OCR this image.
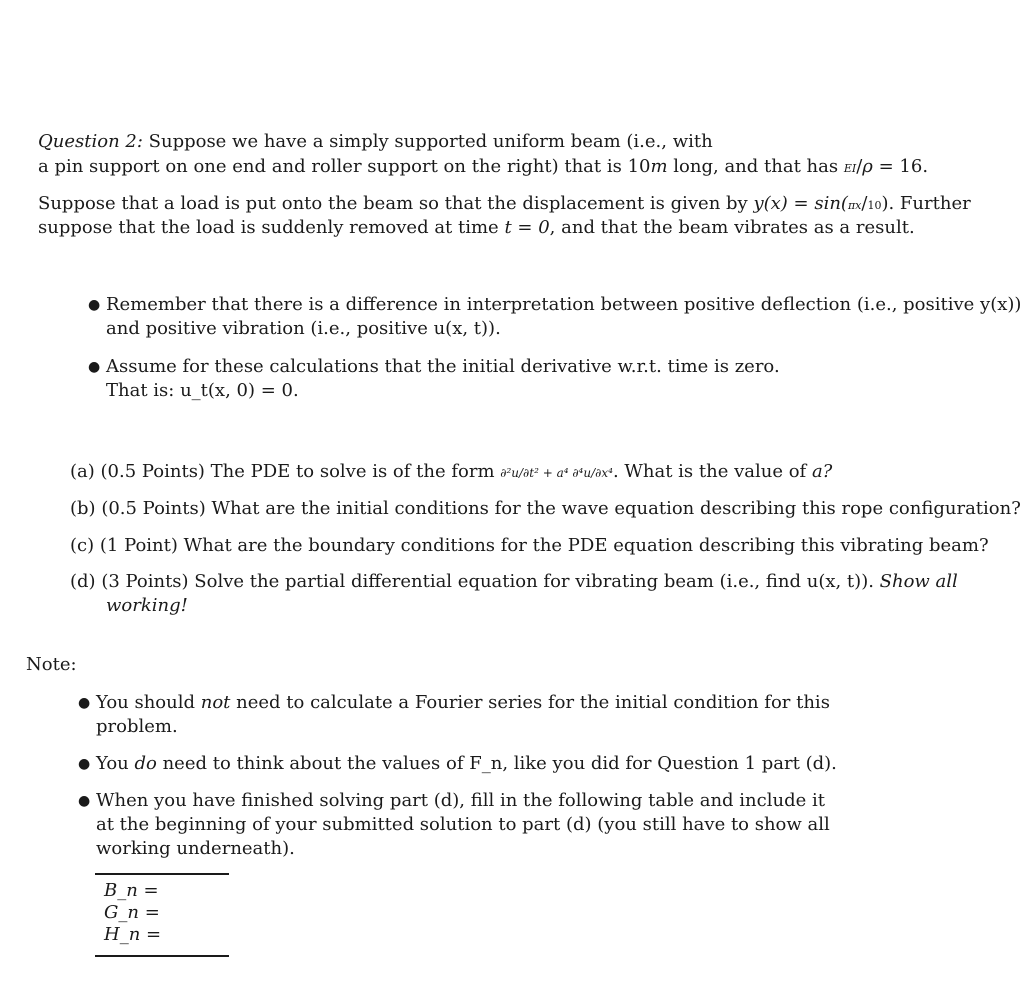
Question 2: Suppose we have a simply supported uniform beam (i.e., with
a pin support on one end and roller support on the right) that is 10m long, and that has EI/ρ = 16.
Suppose that a load is put onto the beam so that the displacement is given by y(x) = sin(πx/10). Further
suppose that the load is suddenly removed at time t = 0, and that the beam vibrates as a result.
● Remember that there is a difference in interpretation between positive deflection (i.e., positive y(x))
and positive vibration (i.e., positive u(x, t)).
● Assume for these calculations that the initial derivative w.r.t. time is zero.
That is: u_t(x, 0) = 0.
(a) (0.5 Points) The PDE to solve is of the form ∂²u/∂t² + a⁴ ∂⁴u/∂x⁴. What is the value of a?
(b) (0.5 Points) What are the initial conditions for the wave equation describing this rope configuration?
(c) (1 Point) What are the boundary conditions for the PDE equation describing this vibrating beam?
(d) (3 Points) Solve the partial differential equation for vibrating beam (i.e., find u(x, t)). Show all
working!
Note:
● You should not need to calculate a Fourier series for the initial condition for this
problem.
● You do need to think about the values of F_n, like you did for Question 1 part (d).
● When you have finished solving part (d), fill in the following table and include it
at the beginning of your submitted solution to part (d) (you still have to show all
working underneath).
B_n =
G_n =
H_n =
